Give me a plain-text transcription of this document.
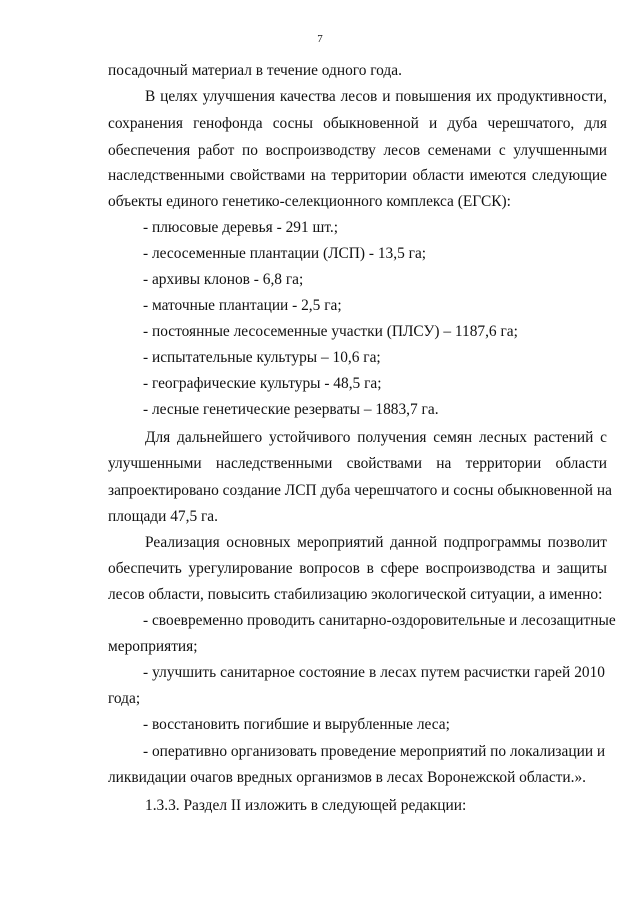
7
посадочный материал в течение одного года.
В целях улучшения качества лесов и повышения их продуктивности,
сохранения генофонда сосны обыкновенной и дуба черешчатого, для
обеспечения работ по воспроизводству лесов семенами с улучшенными
наследственными свойствами на территории области имеются следующие
объекты единого генетико-селекционного комплекса (ЕГСК):
- плюсовые деревья - 291 шт.;
- лесосеменные плантации (ЛСП) - 13,5 га;
- архивы клонов - 6,8 га;
- маточные плантации - 2,5 га;
- постоянные лесосеменные участки (ПЛСУ) – 1187,6 га;
- испытательные культуры – 10,6 га;
- географические культуры - 48,5 га;
- лесные генетические резерваты – 1883,7 га.
Для дальнейшего устойчивого получения семян лесных растений с
улучшенными наследственными свойствами на территории области
запроектировано создание ЛСП дуба черешчатого и сосны обыкновенной на
площади 47,5 га.
Реализация основных мероприятий данной подпрограммы позволит
обеспечить урегулирование вопросов в сфере воспроизводства и защиты
лесов области, повысить стабилизацию экологической ситуации, а именно:
- своевременно проводить санитарно-оздоровительные и лесозащитные
мероприятия;
- улучшить санитарное состояние в лесах путем расчистки гарей 2010
года;
- восстановить погибшие и вырубленные леса;
- оперативно организовать проведение мероприятий по локализации и
ликвидации очагов вредных организмов в лесах Воронежской области.».
1.3.3. Раздел II изложить в следующей редакции:
